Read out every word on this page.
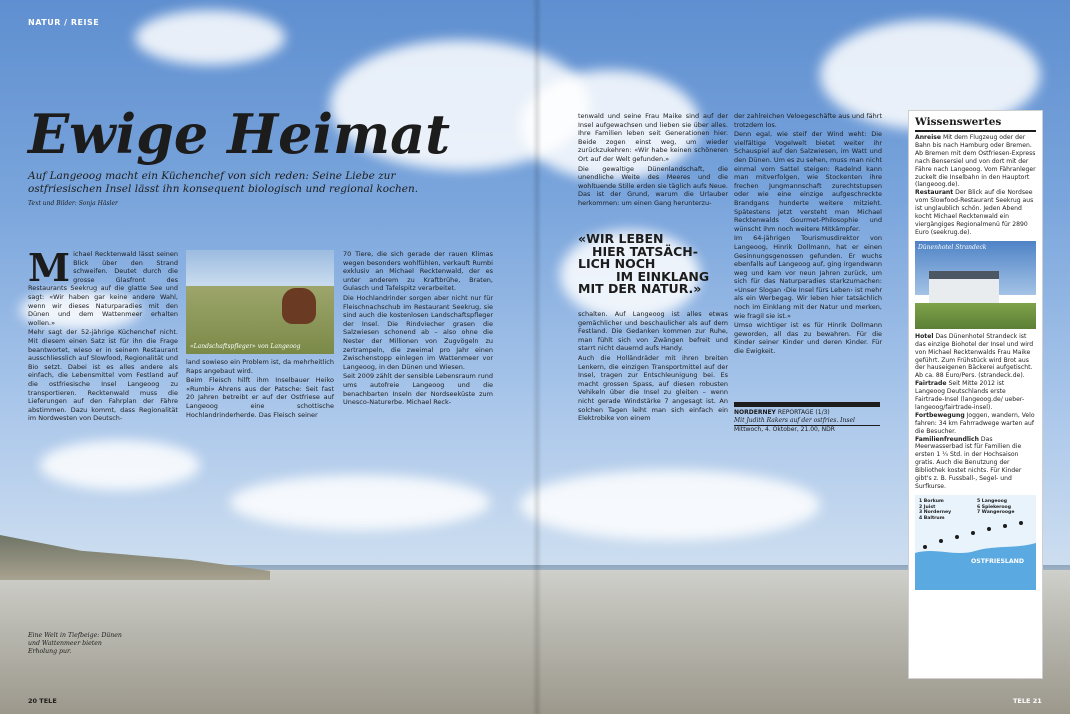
NATUR / REISE
Ewige Heimat
Auf Langeoog macht ein Küchenchef von sich reden: Seine Liebe zur ostfriesischen Insel lässt ihn konsequent biologisch und regional kochen.
Text und Bilder: Sonja Häsler
M ichael Recktenwald lässt seinen Blick über den Strand schweifen. Deutet durch die grosse Glasfront des Restaurants Seekrug auf die glatte See und sagt: «Wir haben gar keine andere Wahl, wenn wir dieses Naturparadies mit den Dünen und dem Wattenmeer erhalten wollen.»

Mehr sagt der 52-jährige Küchenchef nicht. Mit diesem einen Satz ist für ihn die Frage beantwortet, wieso er in seinem Restaurant ausschliesslich auf Slowfood, Regionalität und Bio setzt. Dabei ist es alles andere als einfach, die Lebensmittel vom Festland auf die ostfriesische Insel Langeoog zu transportieren. Recktenwald muss die Lieferungen auf den Fahrplan der Fähre abstimmen. Dazu kommt, dass Regionalität im Nordwesten von Deutsch-

«Landschaftspfleger» von Langeoog

land sowieso ein Problem ist, da mehrheitlich Raps angebaut wird.

Beim Fleisch hilft ihm Inselbauer Heiko «Rumbi» Ahrens aus der Patsche: Seit fast 20 Jahren betreibt er auf der Ostfriese auf Langeoog eine schottische Hochlandrinderherde. Das Fleisch seiner

70 Tiere, die sich gerade der rauen Klimas wegen besonders wohlfühlen, verkauft Rumbi exklusiv an Michael Recktenwald, der es unter anderem zu Kraftbrühe, Braten, Gulasch und Tafelspitz verarbeitet.

Die Hochlandrinder sorgen aber nicht nur für Fleischnachschub im Restaurant Seekrug, sie sind auch die kostenlosen Landschaftspfleger der Insel. Die Rindviecher grasen die Salzwiesen schonend ab – also ohne die Nester der Millionen von Zugvögeln zu zertrampeln, die zweimal pro Jahr einen Zwischenstopp einlegen im Wattenmeer vor Langeoog, in den Dünen und Wiesen.

Seit 2009 zählt der sensible Lebensraum rund ums autofreie Langeoog und die benachbarten Inseln der Nordseeküste zum Unesco-Naturerbe. Michael Reck-

tenwald und seine Frau Maike sind auf der Insel aufgewachsen und lieben sie über alles. Ihre Familien leben seit Generationen hier. Beide zogen einst weg, um wieder zurückzukehren: «Wir habe keinen schöneren Ort auf der Welt gefunden.»

Die gewaltige Dünenlandschaft, die unendliche Weite des Meeres und die wohltuende Stille erden sie täglich aufs Neue. Das ist der Grund, warum die Urlauber herkommen: um einen Gang herunterzu-

«WIR LEBEN
HIER TATSÄCH-
LICH NOCH
IM EINKLANG
MIT DER NATUR.»

schalten. Auf Langeoog ist alles etwas gemächlicher und beschaulicher als auf dem Festland. Die Gedanken kommen zur Ruhe, man fühlt sich von Zwängen befreit und starrt nicht dauernd aufs Handy.

Auch die Holländräder mit ihren breiten Lenkern, die einzigen Transportmittel auf der Insel, tragen zur Entschleunigung bei. Es macht grossen Spass, auf diesen robusten Vehikeln über die Insel zu gleiten – wenn nicht gerade Windstärke 7 angesagt ist. An solchen Tagen leiht man sich einfach ein Elektrobike von einem

der zahlreichen Veloegeschäfte aus und fährt trotzdem los.

Denn egal, wie steif der Wind weht: Die vielfältige Vogelwelt bietet weiter ihr Schauspiel auf den Salzwiesen, im Watt und den Dünen. Um es zu sehen, muss man nicht einmal vom Sattel steigen: Radelnd kann man mitverfolgen, wie Stockenten ihre frechen Jungmannschaft zurechtstupsen oder wie eine einzige aufgeschreckte Brandgans hunderte weitere mitzieht. Spätestens jetzt versteht man Michael Recktenwalds Gourmet-Philosophie und wünscht ihm noch weitere Mitkämpfer.

Im 64-jährigen Tourismusdirektor von Langeoog, Hinrik Dollmann, hat er einen Gesinnungsgenossen gefunden. Er wuchs ebenfalls auf Langeoog auf, ging irgendwann weg und kam vor neun Jahren zurück, um sich für das Naturparadies starkzumachen: «Unser Slogan ‹Die Insel fürs Leben› ist mehr als ein Werbegag. Wir leben hier tatsächlich noch im Einklang mit der Natur und merken, wie fragil sie ist.»

Umso wichtiger ist es für Hinrik Dollmann geworden, all das zu bewahren. Für die Kinder seiner Kinder und deren Kinder. Für die Ewigkeit.

NORDERNEY REPORTAGE (1/3)
Mit Judith Rakers auf der ostfries. Insel
Mittwoch, 4. Oktober, 21.00, NDR
Eine Welt in Tiefbeige: Dünen und Wattenmeer bieten Erholung pur.
20 TELE	TELE 21
Wissenswertes
Anreise Mit dem Flugzeug oder der Bahn bis nach Hamburg oder Bremen. Ab Bremen mit dem Ostfriesen-Express nach Bensersiel und von dort mit der Fähre nach Langeoog. Vom Fähranleger zuckelt die Inselbahn in den Hauptort (langeoog.de).
Restaurant Der Blick auf die Nordsee vom Slowfood-Restaurant Seekrug aus ist unglaublich schön. Jeden Abend kocht Michael Recktenwald ein viergängiges Regionalmenü für 2890 Euro (seekrug.de).
Dünenhotel Strandeck
Hotel Das Dünenhotel Strandeck ist das einzige Biohotel der Insel und wird von Michael Recktenwalds Frau Maike geführt. Zum Frühstück wird Brot aus der hauseigenen Bäckerei aufgetischt. Ab ca. 88 Euro/Pers. (strandeck.de).
Fairtrade Seit Mitte 2012 ist Langeoog Deutschlands erste Fairtrade-Insel (langeoog.de/ ueber-langeoog/fairtrade-insel).
Fortbewegung Joggen, wandern, Velo fahren: 34 km Fahrradwege warten auf die Besucher.
Familienfreundlich Das Meerwasserbad ist für Familien die ersten 1 ¼ Std. in der Hochsaison gratis. Auch die Benutzung der Bibliothek kostet nichts. Für Kinder gibt's z. B. Fussball-, Segel- und Surfkurse.
1 Borkum
2 Juist
3 Norderney
4 Baltrum
5 Langeoog
6 Spiekeroog
7 Wangerooge
OSTFRIESLAND
